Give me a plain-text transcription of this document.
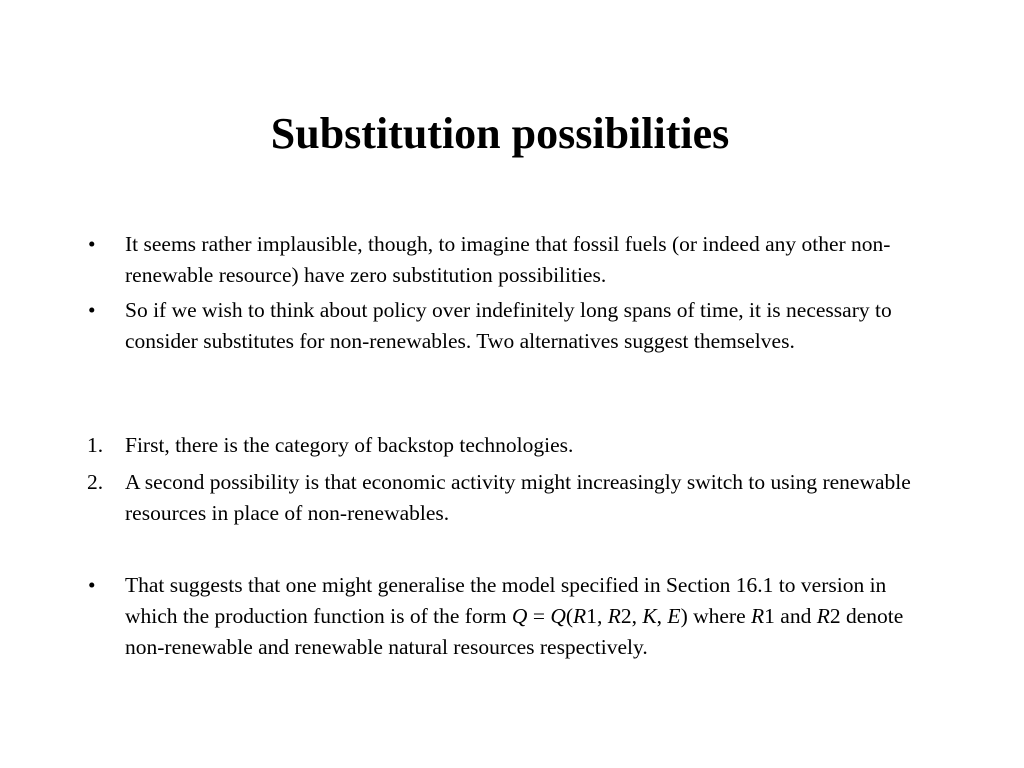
Substitution possibilities
• It seems rather implausible, though, to imagine that fossil fuels (or indeed any other non-renewable resource) have zero substitution possibilities.
• So if we wish to think about policy over indefinitely long spans of time, it is necessary to consider substitutes for non-renewables. Two alternatives suggest themselves.
1. First, there is the category of backstop technologies.
2. A second possibility is that economic activity might increasingly switch to using renewable resources in place of non-renewables.
• That suggests that one might generalise the model specified in Section 16.1 to version in which the production function is of the form Q = Q(R1, R2, K, E) where R1 and R2 denote non-renewable and renewable natural resources respectively.
